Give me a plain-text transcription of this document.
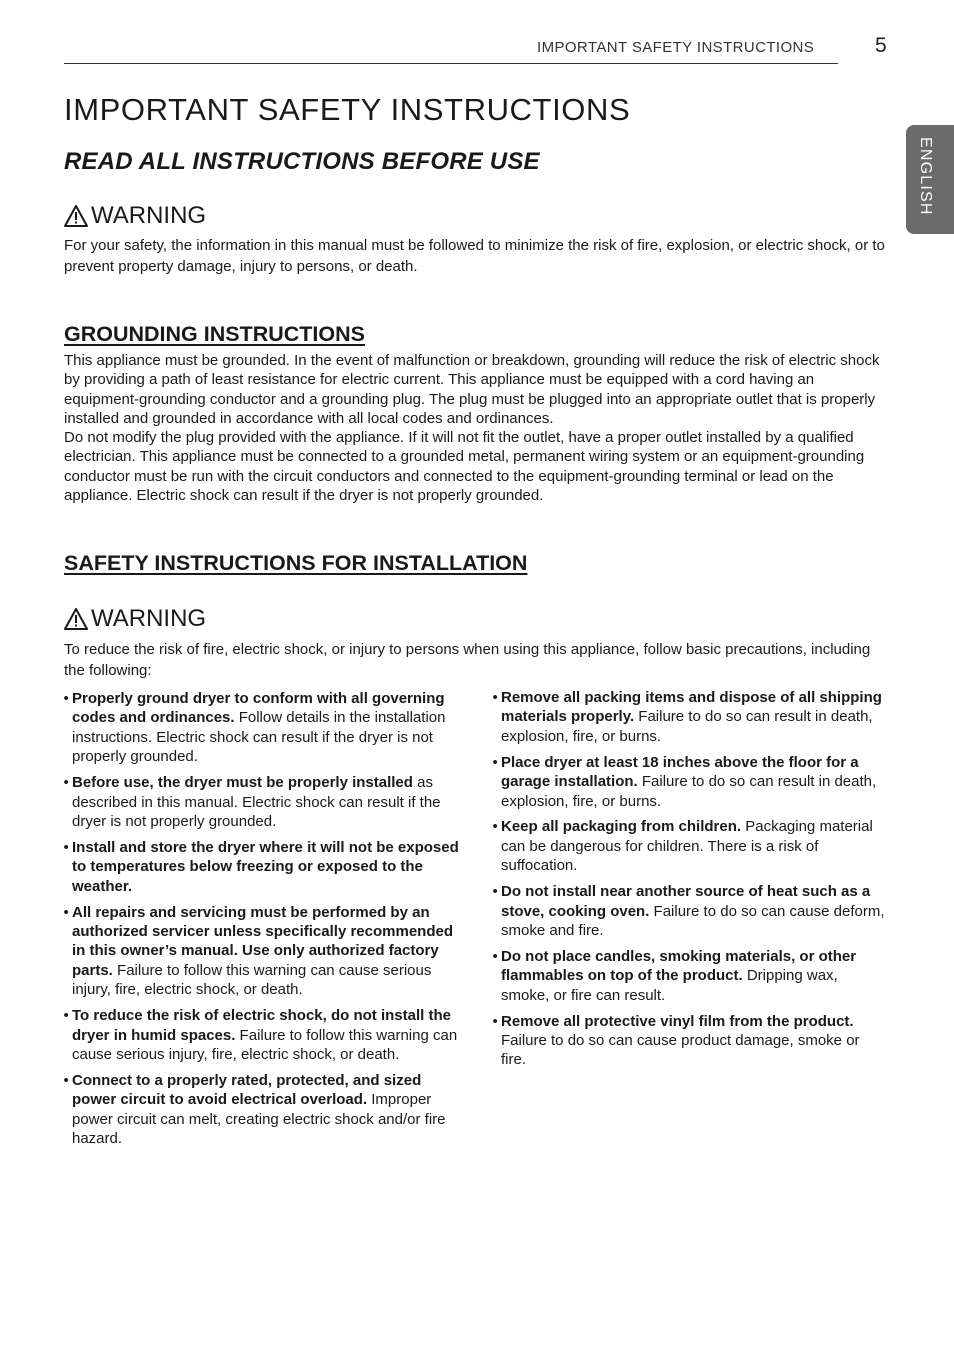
IMPORTANT SAFETY INSTRUCTIONS	5
ENGLISH
IMPORTANT SAFETY INSTRUCTIONS
READ ALL INSTRUCTIONS BEFORE USE
WARNING
For your safety, the information in this manual must be followed to minimize the risk of fire, explosion, or electric shock, or to prevent property damage, injury to persons, or death.
GROUNDING INSTRUCTIONS
This appliance must be grounded. In the event of malfunction or breakdown, grounding will reduce the risk of electric shock by providing a path of least resistance for electric current. This appliance must be equipped with a cord having an equipment-grounding conductor and a grounding plug. The plug must be plugged into an appropriate outlet that is properly installed and grounded in accordance with all local codes and ordinances.
Do not modify the plug provided with the appliance. If it will not fit the outlet, have a proper outlet installed by a qualified electrician. This appliance must be connected to a grounded metal, permanent wiring system or an equipment-grounding conductor must be run with the circuit conductors and connected to the equipment-grounding terminal or lead on the appliance. Electric shock can result if the dryer is not properly grounded.
SAFETY INSTRUCTIONS FOR INSTALLATION
WARNING
To reduce the risk of fire, electric shock, or injury to persons when using this appliance, follow basic precautions, including the following:
• Properly ground dryer to conform with all governing codes and ordinances. Follow details in the installation instructions. Electric shock can result if the dryer is not properly grounded.
• Before use, the dryer must be properly installed as described in this manual. Electric shock can result if the dryer is not properly grounded.
• Install and store the dryer where it will not be exposed to temperatures below freezing or exposed to the weather.
• All repairs and servicing must be performed by an authorized servicer unless specifically recommended in this owner’s manual. Use only authorized factory parts. Failure to follow this warning can cause serious injury, fire, electric shock, or death.
• To reduce the risk of electric shock, do not install the dryer in humid spaces. Failure to follow this warning can cause serious injury, fire, electric shock, or death.
• Connect to a properly rated, protected, and sized power circuit to avoid electrical overload. Improper power circuit can melt, creating electric shock and/or fire hazard.
• Remove all packing items and dispose of all shipping materials properly. Failure to do so can result in death, explosion, fire, or burns.
• Place dryer at least 18 inches above the floor for a garage installation. Failure to do so can result in death, explosion, fire, or burns.
• Keep all packaging from children. Packaging material can be dangerous for children. There is a risk of suffocation.
• Do not install near another source of heat such as a stove, cooking oven. Failure to do so can cause deform, smoke and fire.
• Do not place candles, smoking materials, or other flammables on top of the product. Dripping wax, smoke, or fire can result.
• Remove all protective vinyl film from the product. Failure to do so can cause product damage, smoke or fire.
